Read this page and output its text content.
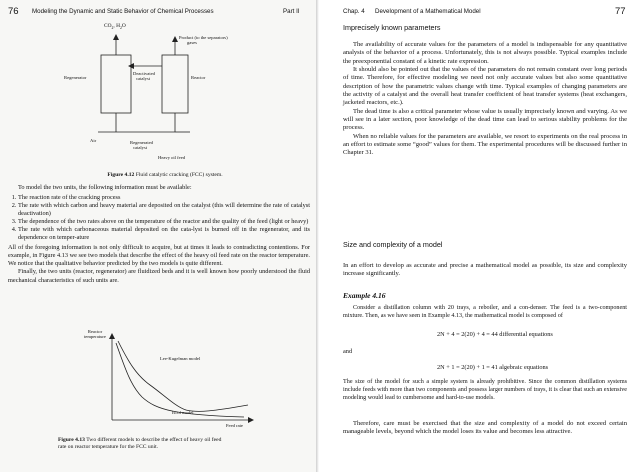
76 Modeling the Dynamic and Static Behavior of Chemical Processes	Part II
$CO_2$, $H_2O$
Product (to the separators)
gases
Regenerator
Deactivated
catalyst	Reactor
Air	Regenerated
catalyst
Heavy oil feed
Figure 4.12 Fluid catalytic cracking (FCC) system.

To model the two units, the following information must be available:

1. The reaction rate of the cracking process
2. The rate with which carbon and heavy material are deposited on the catalyst (this will determine the rate of catalyst deactivation)
3. The dependence of the two rates above on the temperature of the reactor and the quality of the feed (light or heavy)
4. The rate with which carbonaceous material deposited on the cata-lyst is burned off in the regenerator, and its dependence on temper-ature

All of the foregoing information is not only difficult to acquire, but at times it leads to contradicting contentions. For example, in Figure 4.13 we see two models that describe the effect of the heavy oil feed rate on the reactor temperature. We notice that the qualitative behavior predicted by the two models is quite different.

Finally, the two units (reactor, regenerator) are fluidized beds and it is well known how poorly understood the fluid mechanical characteristics of such units are.

Reactor
temperature
Lee-Kugelman model
Iscol model
Feed rate
Figure 4.13 Two different models to describe the effect of heavy oil feed
rate on reactor temperature for the FCC unit.
Chap. 4 Development of a Mathematical Model	77
Imprecisely known parameters

The availability of accurate values for the parameters of a model is indispensable for any quantitative analysis of the behavior of a process. Unfortunately, this is not always possible. Typical examples include the preexponential constant of a kinetic rate expression.

It should also be pointed out that the values of the parameters do not remain constant over long periods of time. Therefore, for effective modeling we need not only accurate values but also some quantitative description of how the parametric values change with time. Typical examples of changing parameters are the activity of a catalyst and the overall heat transfer coefficient of heat transfer systems (heat exchangers, jacketed reactors, etc.).

The dead time is also a critical parameter whose value is usually imprecisely known and varying. As we will see in a later section, poor knowledge of the dead time can lead to serious stability problems for the process.

When no reliable values for the parameters are available, we resort to experiments on the real process in an effort to estimate some “good” values for them. The experimental procedures will be discussed further in Chapter 31.

Size and complexity of a model
In an effort to develop as accurate and precise a mathematical model as possible, its size and complexity increase significantly.
Example 4.16

Consider a distillation column with 20 trays, a reboiler, and a con-denser. The feed is a two-component mixture. Then, as we have seen in Example 4.13, the mathematical model is composed of

2N + 4 = 2(20) + 4 = 44 differential equations
and
2N + 1 = 2(20) + 1 = 41 algebraic equations
The size of the model for such a simple system is already prohibitive. Since the common distillation systems include feeds with more than two components and possess larger numbers of trays, it is clear that such an extensive modeling would lead to cumbersome and hard-to-use models.

Therefore, care must be exercised that the size and complexity of a model do not exceed certain manageable levels, beyond which the model loses its value and becomes less attractive.
